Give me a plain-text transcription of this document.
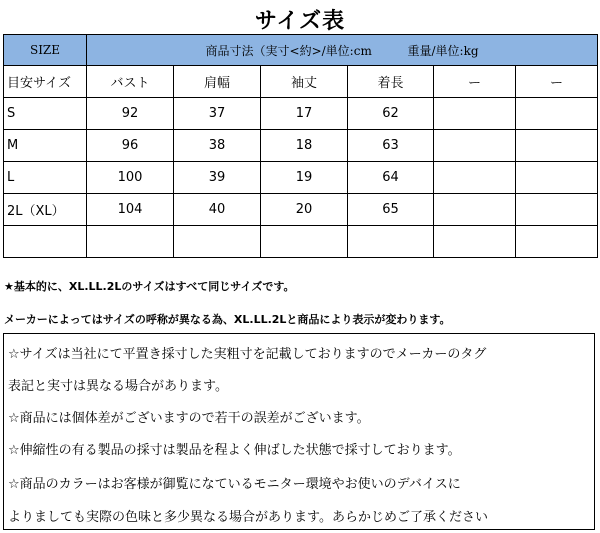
サイズ表
SIZE	商品寸法（実寸<約>/単位:cm 重量/単位:kg					
目安サイズ	バスト	肩幅	袖丈	着長	ー	ー
S	92	37	17	62		
M	96	38	18	63		
L	100	39	19	64		
2L（XL）	104	40	20	65		

★基本的に、XL.LL.2Lのサイズはすべて同じサイズです。
メーカーによってはサイズの呼称が異なる為、XL.LL.2Lと商品により表示が変わります。
☆サイズは当社にて平置き採寸した実粗寸を記載しておりますのでメーカーのタグ
表記と実寸は異なる場合があります。
☆商品には個体差がございますので若干の誤差がございます。
☆伸縮性の有る製品の採寸は製品を程よく伸ばした状態で採寸しております。
☆商品のカラーはお客様が御覧になているモニター環境やお使いのデバイスに
よりましても実際の色味と多少異なる場合があります。あらかじめご了承ください
